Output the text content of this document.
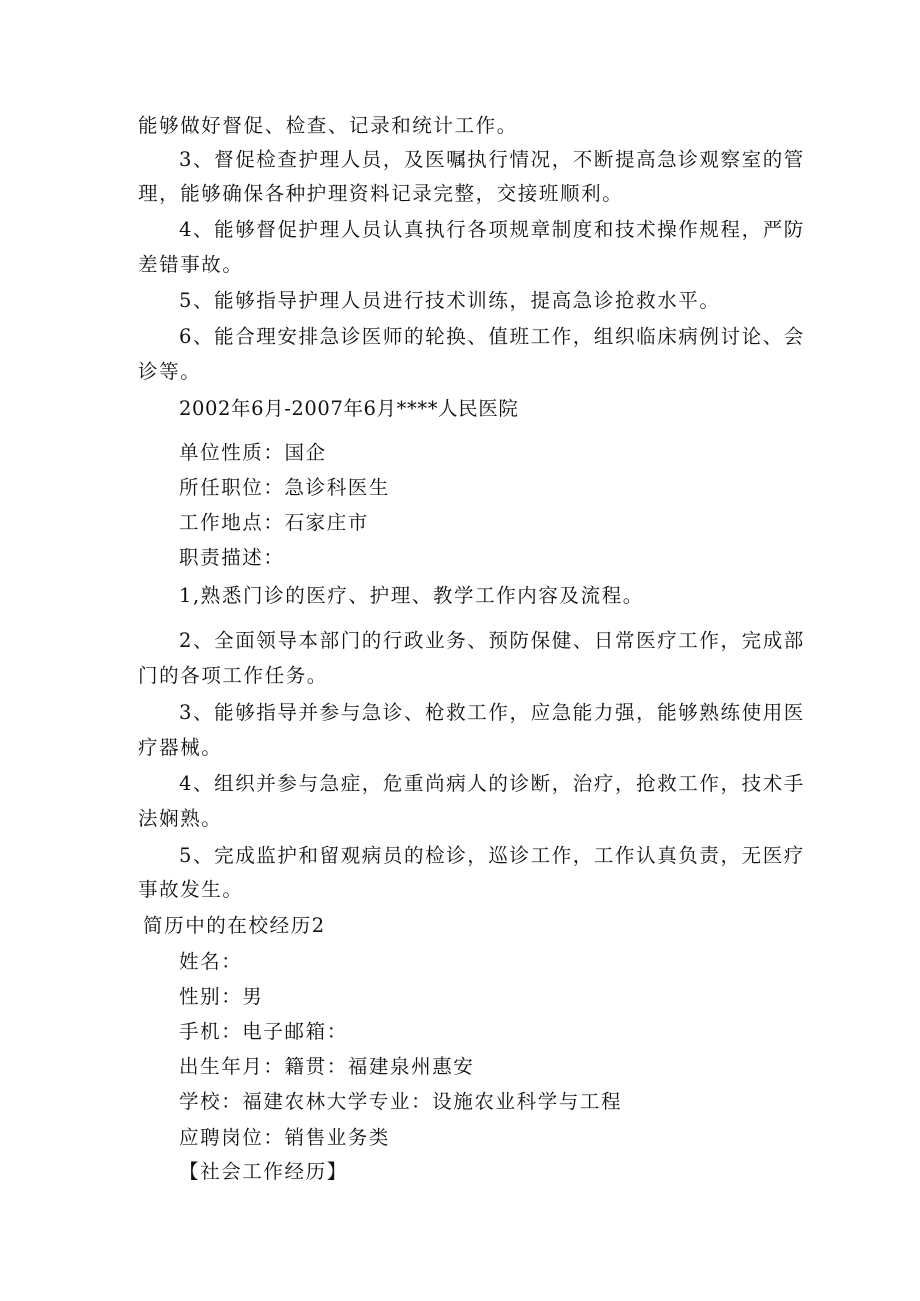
能够做好督促、检查、记录和统计工作。
3、督促检查护理人员，及医嘱执行情况，不断提高急诊观察室的管
理，能够确保各种护理资料记录完整，交接班顺利。
4、能够督促护理人员认真执行各项规章制度和技术操作规程，严防
差错事故。
5、能够指导护理人员进行技术训练，提高急诊抢救水平。
6、能合理安排急诊医师的轮换、值班工作，组织临床病例讨论、会
诊等。
2002年6月-2007年6月****人民医院
单位性质：国企
所任职位：急诊科医生
工作地点：石家庄市
职责描述：
1,熟悉门诊的医疗、护理、教学工作内容及流程。
2、全面领导本部门的行政业务、预防保健、日常医疗工作，完成部
门的各项工作任务。
3、能够指导并参与急诊、枪救工作，应急能力强，能够熟练使用医
疗器械。
4、组织并参与急症，危重尚病人的诊断，治疗，抢救工作，技术手
法娴熟。
5、完成监护和留观病员的检诊，巡诊工作，工作认真负责，无医疗
事故发生。
简历中的在校经历2
姓名：
性别：男
手机：电子邮箱：
出生年月：籍贯：福建泉州惠安
学校：福建农林大学专业：设施农业科学与工程
应聘岗位：销售业务类
【社会工作经历】
